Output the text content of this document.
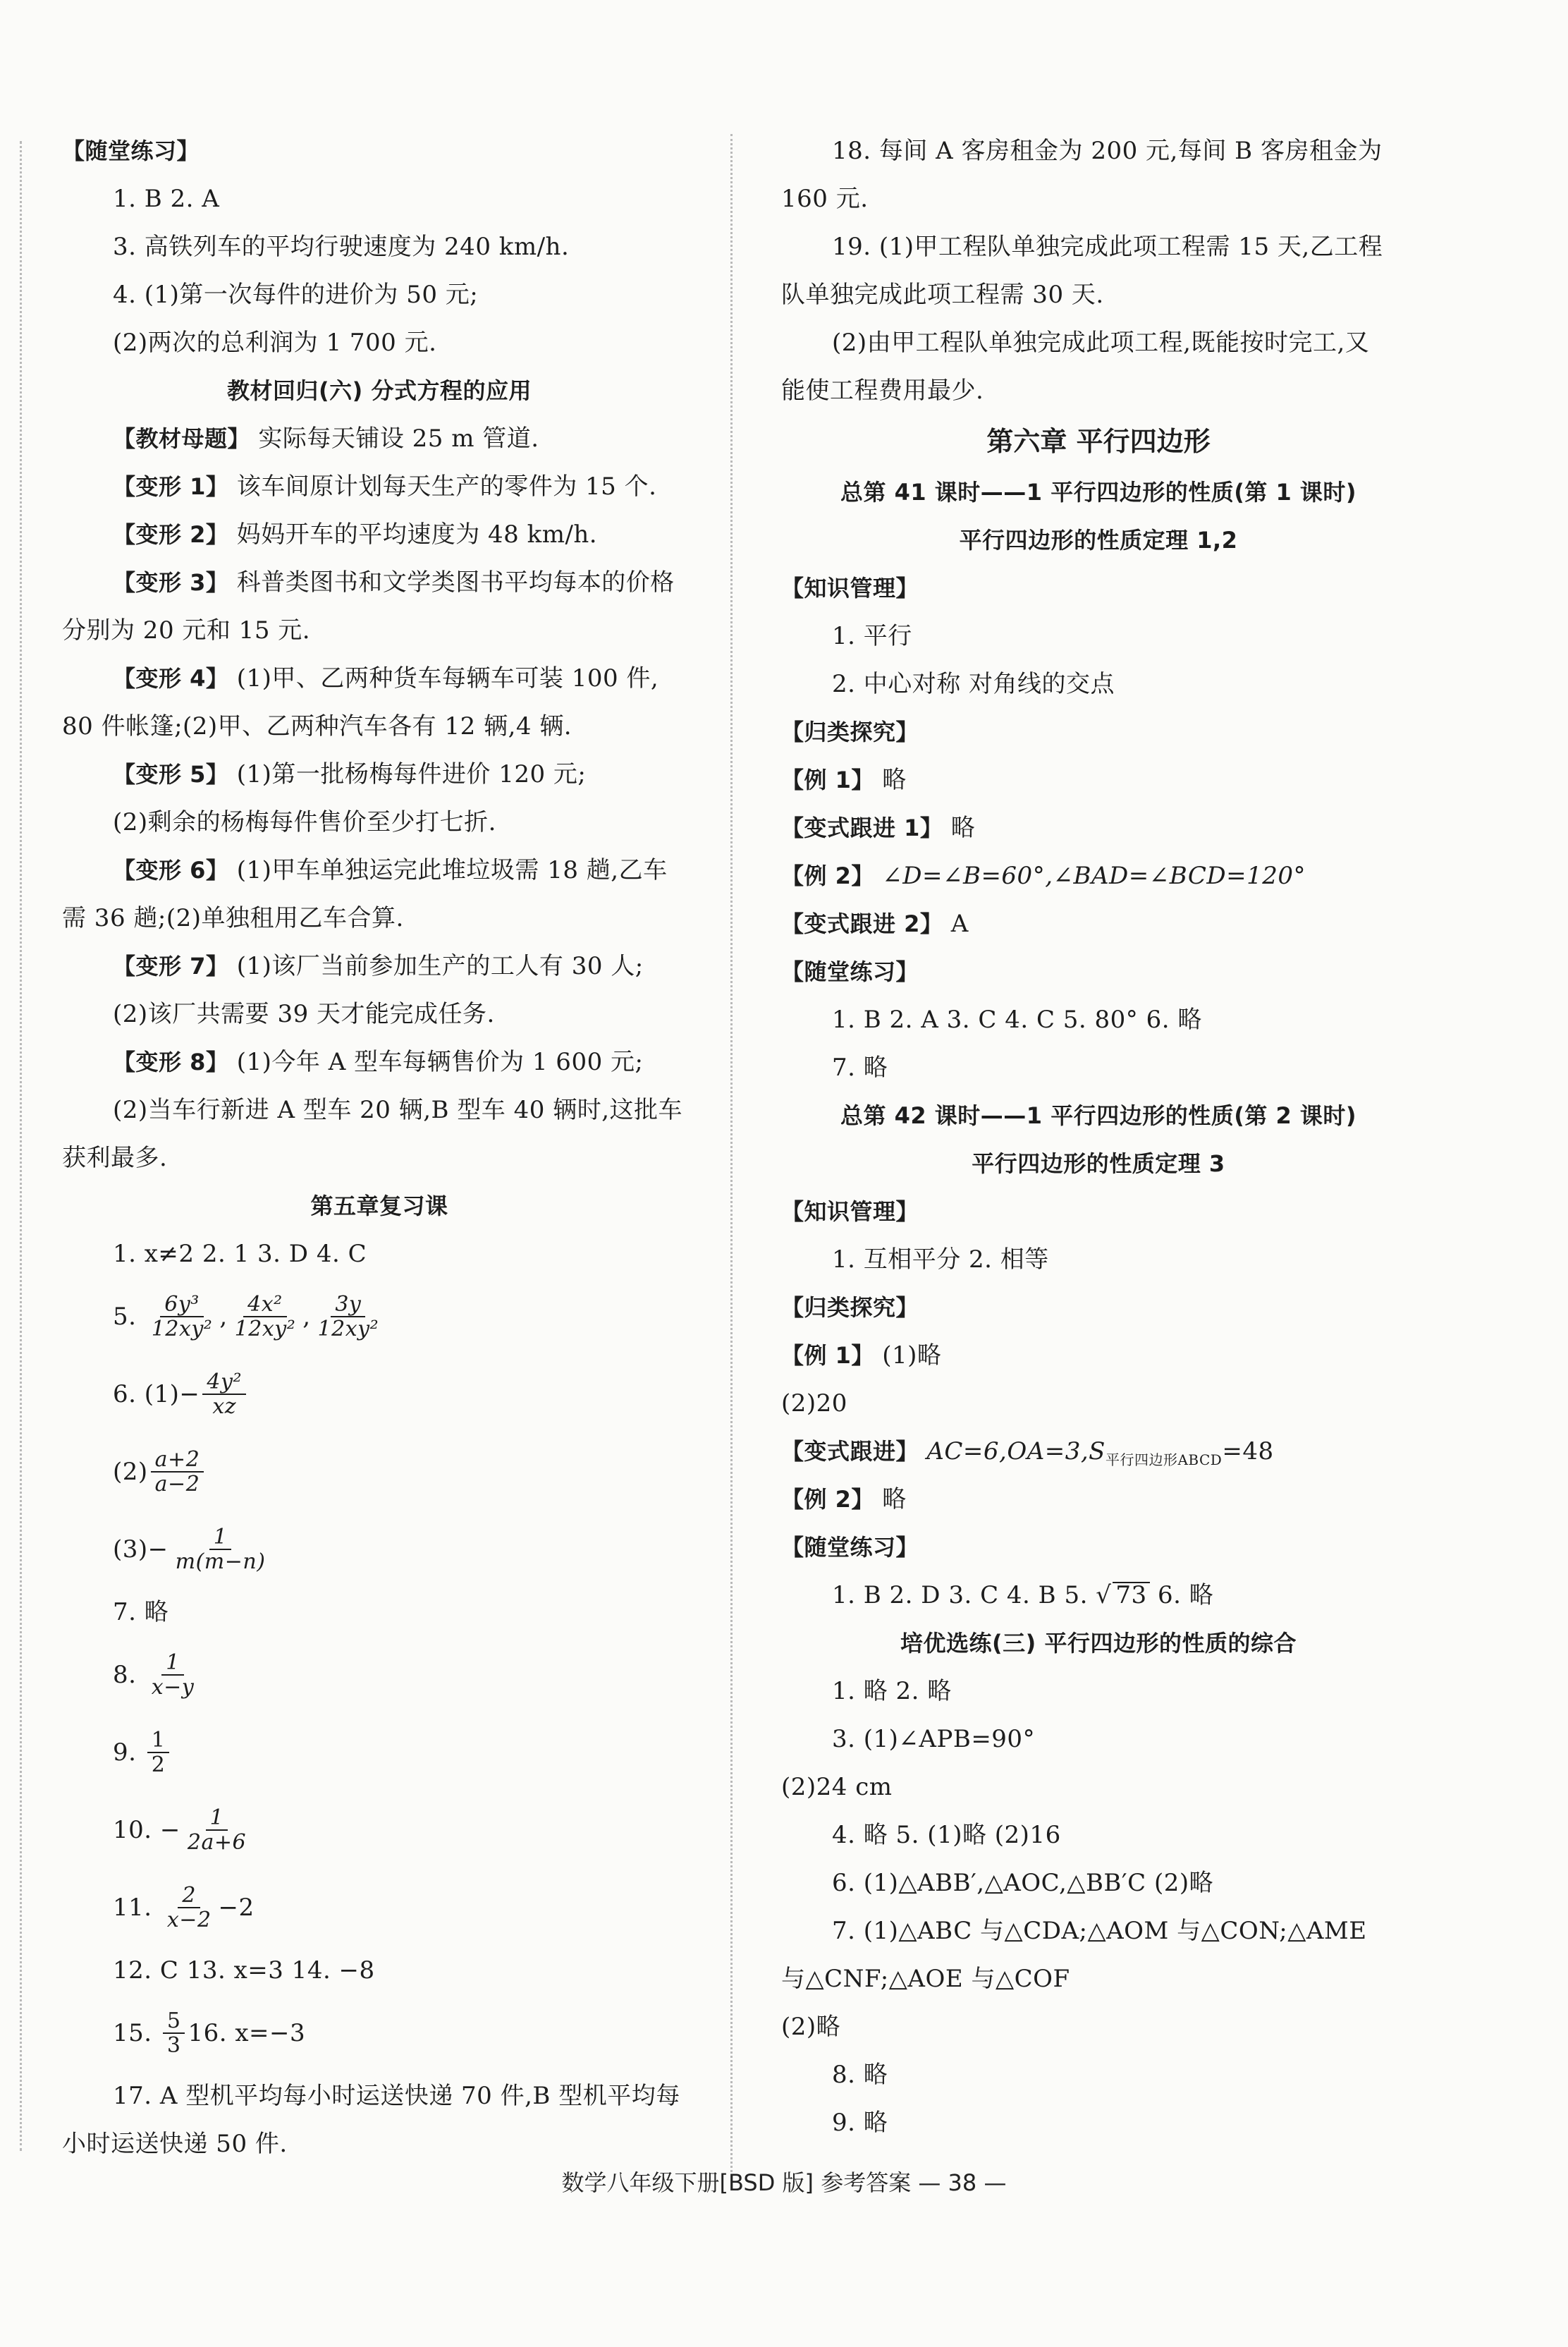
【随堂练习】
1. B 2. A
3. 高铁列车的平均行驶速度为 240 km/h.
4. (1)第一次每件的进价为 50 元;
(2)两次的总利润为 1 700 元.
教材回归(六) 分式方程的应用
【教材母题】 实际每天铺设 25 m 管道.
【变形 1】 该车间原计划每天生产的零件为 15 个.
【变形 2】 妈妈开车的平均速度为 48 km/h.
【变形 3】 科普类图书和文学类图书平均每本的价格
分别为 20 元和 15 元.
【变形 4】 (1)甲、乙两种货车每辆车可装 100 件,
80 件帐篷;(2)甲、乙两种汽车各有 12 辆,4 辆.
【变形 5】 (1)第一批杨梅每件进价 120 元;
(2)剩余的杨梅每件售价至少打七折.
【变形 6】 (1)甲车单独运完此堆垃圾需 18 趟,乙车
需 36 趟;(2)单独租用乙车合算.
【变形 7】 (1)该厂当前参加生产的工人有 30 人;
(2)该厂共需要 39 天才能完成任务.
【变形 8】 (1)今年 A 型车每辆售价为 1 600 元;
(2)当车行新进 A 型车 20 辆,B 型车 40 辆时,这批车
获利最多.
第五章复习课
1. x≠2 2. 1 3. D 4. C
5.
$\frac{\text{6y³}}{\text{12xy²}}$ , $\frac{\text{4x²}}{\text{12xy²}}$ , $\frac{3y}{\text{12xy²}}$
6. $(1)- \frac{\text{4y²}}{xz}$
$(2) \frac{a+2}{a-2}$
$(3)- \frac{1}{m(m-n)}$
7. 略
8.
$\frac{1}{x-y}$
9.
$\frac{1}{2}$
10. − $\frac{1}{2a+6}$
11.
$\frac{2}{x-2} -2$
12. C 13. x=3 14. −8
15.
$\frac{5}{3} 16$. x=−3
17. A 型机平均每小时运送快递 70 件,B 型机平均每
小时运送快递 50 件.
18. 每间 A 客房租金为 200 元,每间 B 客房租金为
160 元.
19. (1)甲工程队单独完成此项工程需 15 天,乙工程
队单独完成此项工程需 30 天.
(2)由甲工程队单独完成此项工程,既能按时完工,又
能使工程费用最少.
第六章 平行四边形
总第 41 课时——1 平行四边形的性质(第 1 课时)
平行四边形的性质定理 1,2
【知识管理】
1. 平行
2. 中心对称 对角线的交点
【归类探究】
【例 1】 略
【变式跟进 1】 略
【例 2】 ∠D=∠B=60°,∠BAD=∠BCD=120°
【变式跟进 2】 A
【随堂练习】
1. B 2. A 3. C 4. C 5. 80° 6. 略
7. 略
总第 42 课时——1 平行四边形的性质(第 2 课时)
平行四边形的性质定理 3
【知识管理】
1. 互相平分 2. 相等
【归类探究】
【例 1】 (1)略
(2)20
【变式跟进】 $AC=6,OA=3,S_{平行四边形ABCD}=48$
【例 2】 略
【随堂练习】
1. B 2. D 3. C 4. B 5. √ 73 6. 略
培优选练(三) 平行四边形的性质的综合
1. 略 2. 略
3. (1)∠APB=90°
(2)24 cm
4. 略 5. (1)略 (2)16
6. (1)△ABB′,△AOC,△BB′C (2)略
7. (1)△ABC 与△CDA;△AOM 与△CON;△AME
与△CNF;△AOE 与△COF
(2)略
8. 略
9. 略
数学八年级下册[BSD 版] 参考答案 — 38 —
